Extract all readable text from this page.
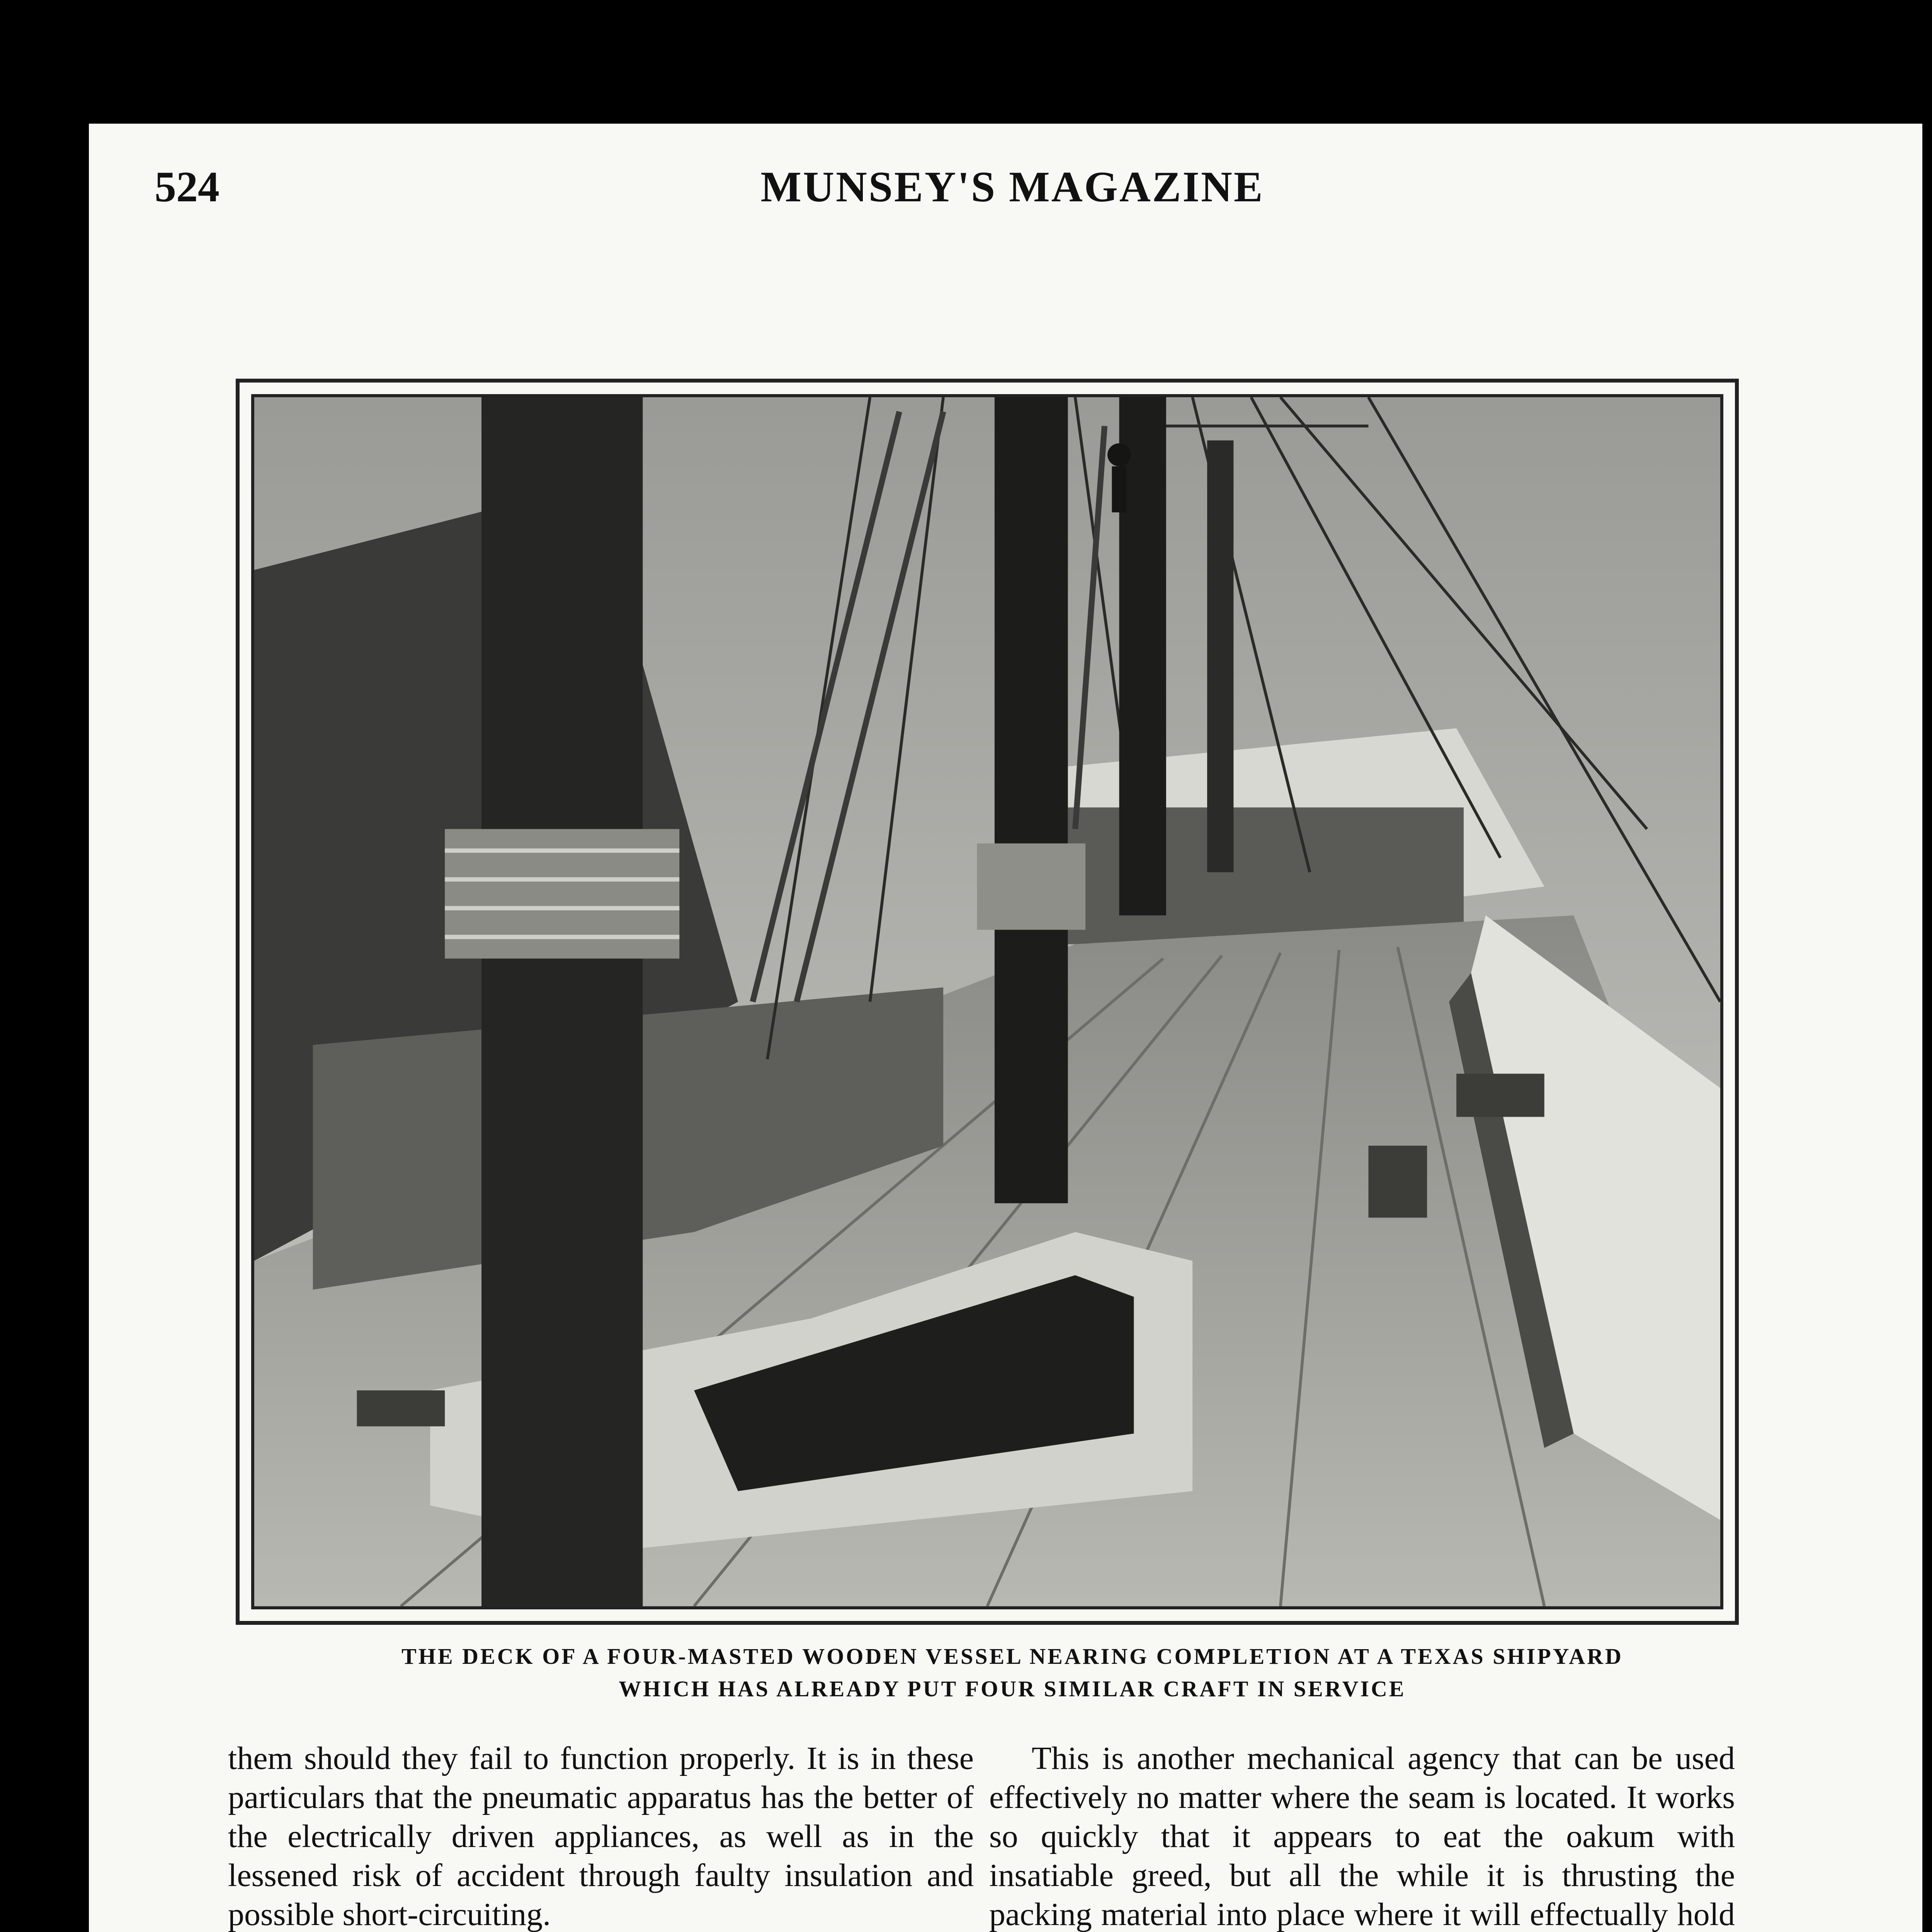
524	MUNSEY'S MAGAZINE
THE DECK OF A FOUR-MASTED WOODEN VESSEL NEARING COMPLETION AT A TEXAS SHIPYARD
WHICH HAS ALREADY PUT FOUR SIMILAR CRAFT IN SERVICE

them should they fail to function properly. It is in these particulars that the pneumatic apparatus has the better of the electrically driven appliances, as well as in the lessened risk of accident through faulty insulation and possible short-circuiting.

This is another mechanical agency that can be used effectively no matter where the seam is located. It works so quickly that it appears to eat the oakum with insatiable greed, but all the while it is thrusting the packing material into place where it will effectually hold
